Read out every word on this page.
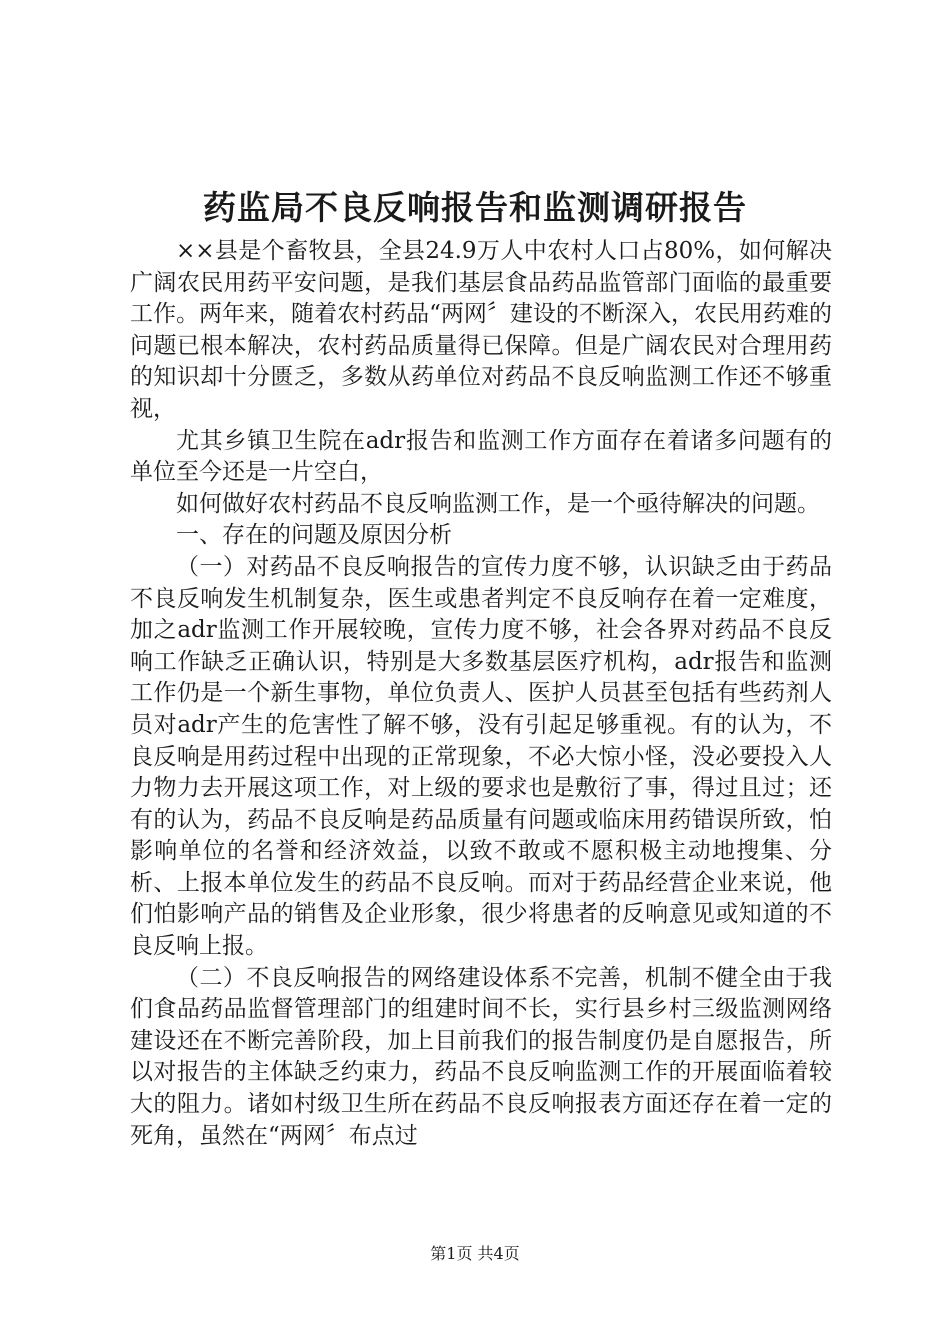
药监局不良反响报告和监测调研报告

××县是个畜牧县，全县24.9万人中农村人口占80%，如何解决广阔农民用药平安问题，是我们基层食品药品监管部门面临的最重要工作。两年来，随着农村药品“两网〞建设的不断深入，农民用药难的问题已根本解决，农村药品质量得已保障。但是广阔农民对合理用药的知识却十分匮乏，多数从药单位对药品不良反响监测工作还不够重视，

尤其乡镇卫生院在adr报告和监测工作方面存在着诸多问题有的单位至今还是一片空白，

如何做好农村药品不良反响监测工作，是一个亟待解决的问题。

一、存在的问题及原因分析

（一）对药品不良反响报告的宣传力度不够，认识缺乏由于药品不良反响发生机制复杂，医生或患者判定不良反响存在着一定难度，加之adr监测工作开展较晚，宣传力度不够，社会各界对药品不良反响工作缺乏正确认识，特别是大多数基层医疗机构，adr报告和监测工作仍是一个新生事物，单位负责人、医护人员甚至包括有些药剂人员对adr产生的危害性了解不够，没有引起足够重视。有的认为，不良反响是用药过程中出现的正常现象，不必大惊小怪，没必要投入人力物力去开展这项工作，对上级的要求也是敷衍了事，得过且过；还有的认为，药品不良反响是药品质量有问题或临床用药错误所致，怕影响单位的名誉和经济效益，以致不敢或不愿积极主动地搜集、分析、上报本单位发生的药品不良反响。而对于药品经营企业来说，他们怕影响产品的销售及企业形象，很少将患者的反响意见或知道的不良反响上报。

（二）不良反响报告的网络建设体系不完善，机制不健全由于我们食品药品监督管理部门的组建时间不长，实行县乡村三级监测网络建设还在不断完善阶段，加上目前我们的报告制度仍是自愿报告，所以对报告的主体缺乏约束力，药品不良反响监测工作的开展面临着较大的阻力。诸如村级卫生所在药品不良反响报表方面还存在着一定的死角，虽然在“两网〞布点过

第1页 共4页
